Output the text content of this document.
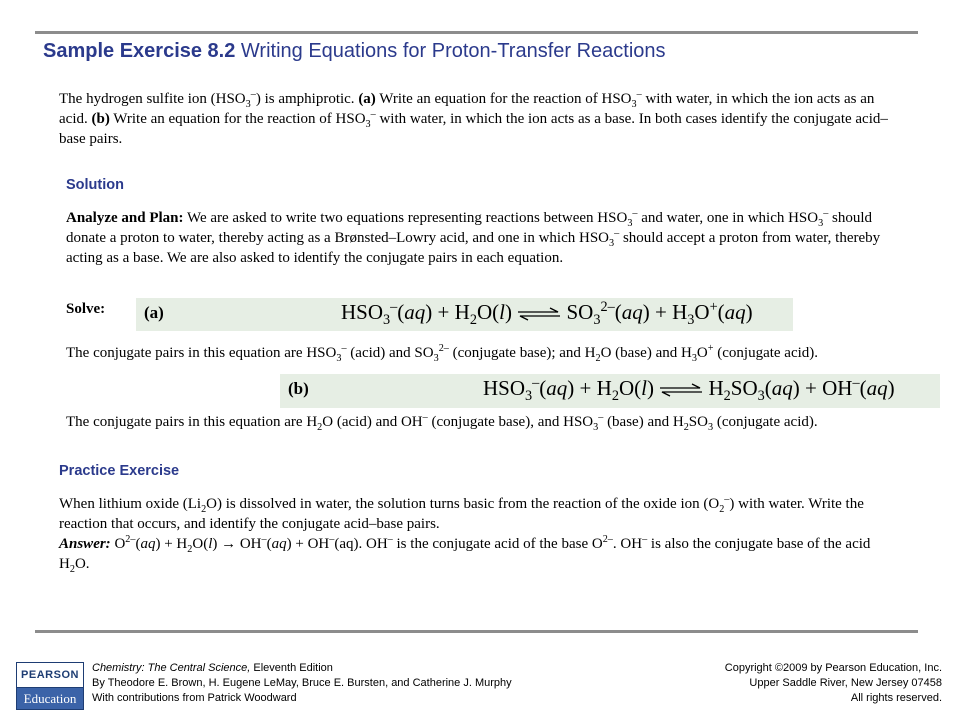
Sample Exercise 8.2 Writing Equations for Proton-Transfer Reactions
The hydrogen sulfite ion $(HSO_3^-)$ is amphiprotic. (a) Write an equation for the reaction of $HSO_3^-$ with water, in which the ion acts as an acid. (b) Write an equation for the reaction of $HSO_3^-$ with water, in which the ion acts as a base. In both cases identify the conjugate acid–base pairs.
Solution
Analyze and Plan: We are asked to write two equations representing reactions between $HSO_3^-$ and water, one in which $HSO_3^-$ should donate a proton to water, thereby acting as a Brønsted–Lowry acid, and one in which $HSO_3^-$ should accept a proton from water, thereby acting as a base. We are also asked to identify the conjugate pairs in each equation.
Solve: (a)	$HSO_3^-(aq) + H_2O(l)$ ⇌ $SO_3^{2-}(aq) + H_3O^+(aq)$
The conjugate pairs in this equation are $HSO_3^-$ (acid) and $SO_3^{2-}$ (conjugate base); and $H_2O$ (base) and $H_3O^+$ (conjugate acid).
(b)	$HSO_3^-(aq) + H_2O(l)$ ⇌ $H_2SO_3(aq) + OH^-(aq)$
The conjugate pairs in this equation are $H_2O$ (acid) and OH– (conjugate base), and $HSO_3^-$ (base) and $H_2SO_3$ (conjugate acid).
Practice Exercise
When lithium oxide $(Li_2O)$ is dissolved in water, the solution turns basic from the reaction of the oxide ion $(O_2^-)$ with water. Write the reaction that occurs, and identify the conjugate acid–base pairs.
Answer: $O^{2-}(aq) + H_2O(l) \to OH^-(aq) + OH^-(aq)$. OH– is the conjugate acid of the base $O^{2-}$. OH– is also the conjugate base of the acid $H_2O$.
PEARSON
Education
Chemistry: The Central Science, Eleventh Edition
By Theodore E. Brown, H. Eugene LeMay, Bruce E. Bursten, and Catherine J. Murphy
With contributions from Patrick Woodward
Copyright ©2009 by Pearson Education, Inc.
Upper Saddle River, New Jersey 07458
All rights reserved.
